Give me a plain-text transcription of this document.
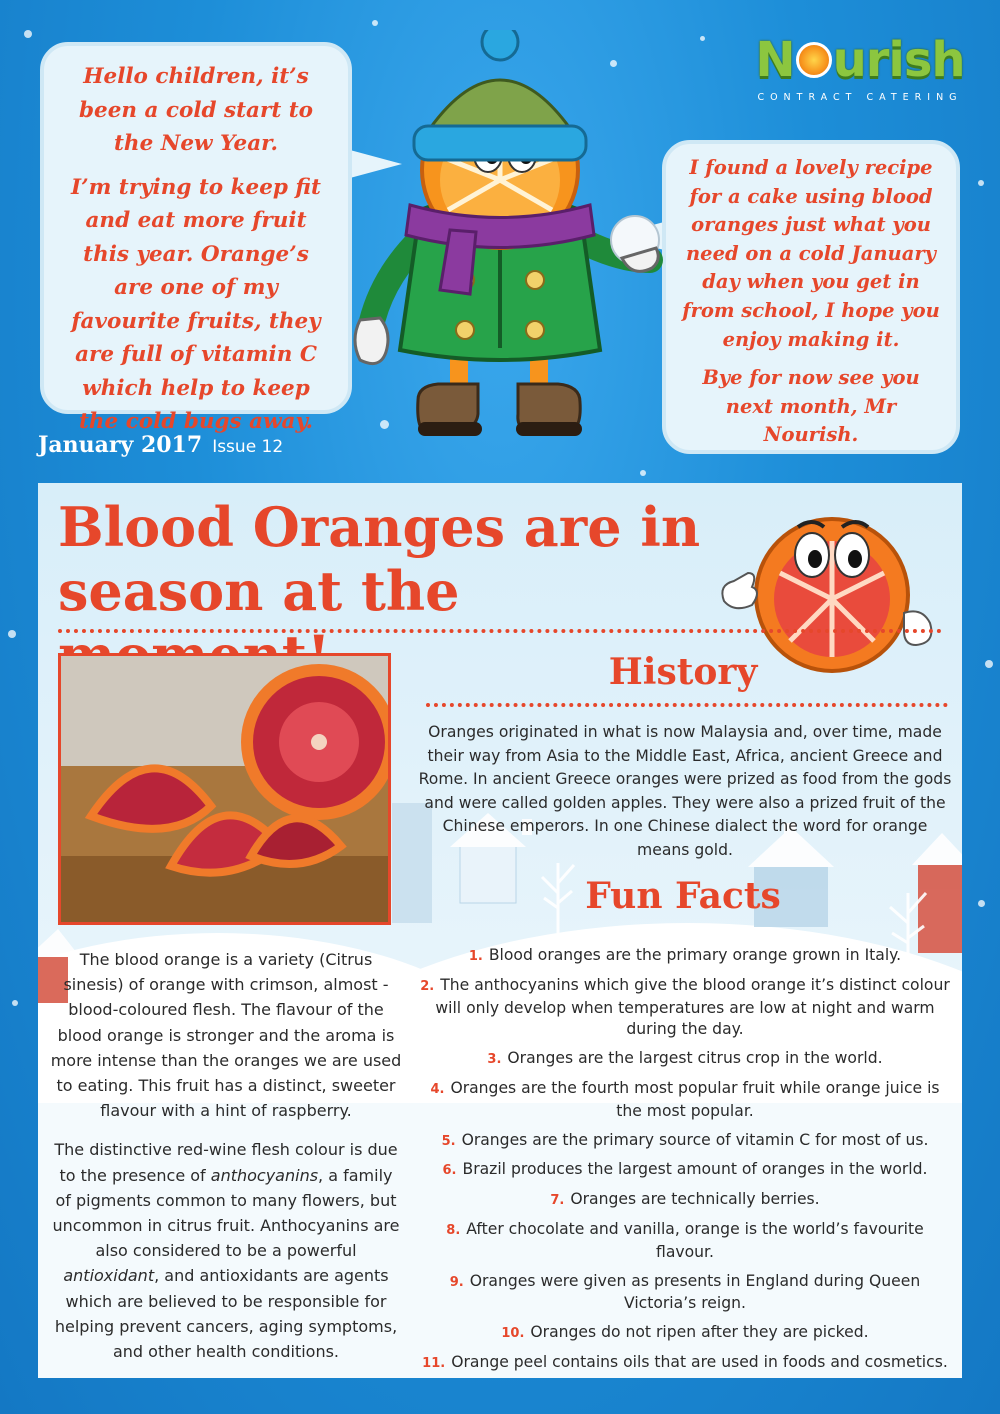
N urish
CONTRACT CATERING

Hello children, it’s been a cold start to the New Year.

I’m trying to keep fit and eat more fruit this year. Orange’s are one of my favourite fruits, they are full of vitamin C which help to keep the cold bugs away.

I found a lovely recipe for a cake using blood oranges just what you need on a cold January day when you get in from school, I hope you enjoy making it.

Bye for now see you next month, Mr Nourish.

January 2017 Issue 12
Blood Oranges are in season at the
History

Oranges originated in what is now Malaysia and, over time, made their way from Asia to the Middle East, Africa, ancient Greece and Rome. In ancient Greece oranges were prized as food from the gods and were called golden apples. They were also a prized fruit of the Chinese emperors. In one Chinese dialect the word for orange means gold.

Fun Facts

The blood orange is a variety (Citrus sinesis) of orange with crimson, almost -blood-coloured flesh. The flavour of the blood orange is stronger and the aroma is more intense than the oranges we are used to eating. This fruit has a distinct, sweeter flavour with a hint of raspberry.

The distinctive red-wine flesh colour is due to the presence of anthocyanins, a family of pigments common to many flowers, but uncommon in citrus fruit. Anthocyanins are also considered to be a powerful antioxidant, and antioxidants are agents which are believed to be responsible for helping prevent cancers, aging symptoms, and other health conditions.

1. Blood oranges are the primary orange grown in Italy.
2. The anthocyanins which give the blood orange it’s distinct colour will only develop when temperatures are low at night and warm during the day.
3. Oranges are the largest citrus crop in the world.
4. Oranges are the fourth most popular fruit while orange juice is the most popular.
5. Oranges are the primary source of vitamin C for most of us.
6. Brazil produces the largest amount of oranges in the world.
7. Oranges are technically berries.
8. After chocolate and vanilla, orange is the world’s favourite flavour.
9. Oranges were given as presents in England during Queen Victoria’s reign.
10. Oranges do not ripen after they are picked.
11. Orange peel contains oils that are used in foods and cosmetics.
